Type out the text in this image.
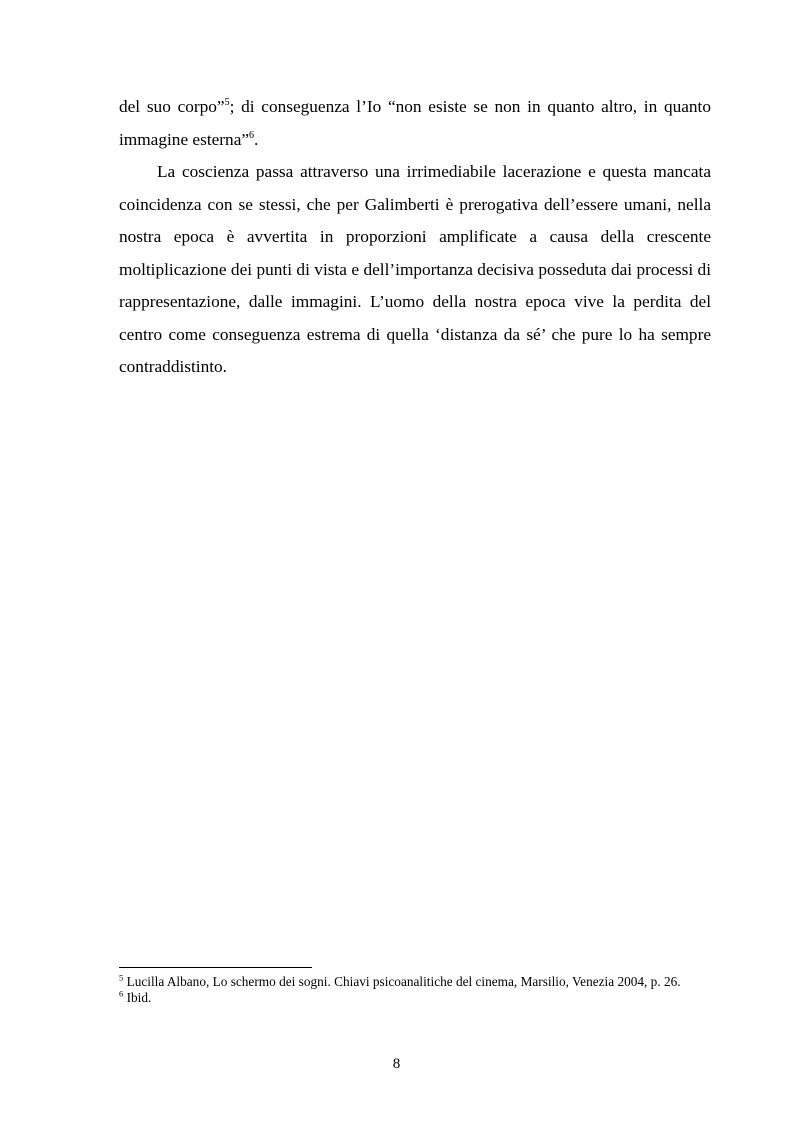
del suo corpo”$^5$; di conseguenza l’Io “non esiste se non in quanto altro, in quanto immagine esterna”$^6$.
La coscienza passa attraverso una irrimediabile lacerazione e questa mancata coincidenza con se stessi, che per Galimberti è prerogativa dell’essere umani, nella nostra epoca è avvertita in proporzioni amplificate a causa della crescente moltiplicazione dei punti di vista e dell’importanza decisiva posseduta dai processi di rappresentazione, dalle immagini. L’uomo della nostra epoca vive la perdita del centro come conseguenza estrema di quella ‘distanza da sé’ che pure lo ha sempre contraddistinto.

$^5$ Lucilla Albano, Lo schermo dei sogni. Chiavi psicoanalitiche del cinema, Marsilio, Venezia 2004, p. 26.

$^6$ Ibid.

8
